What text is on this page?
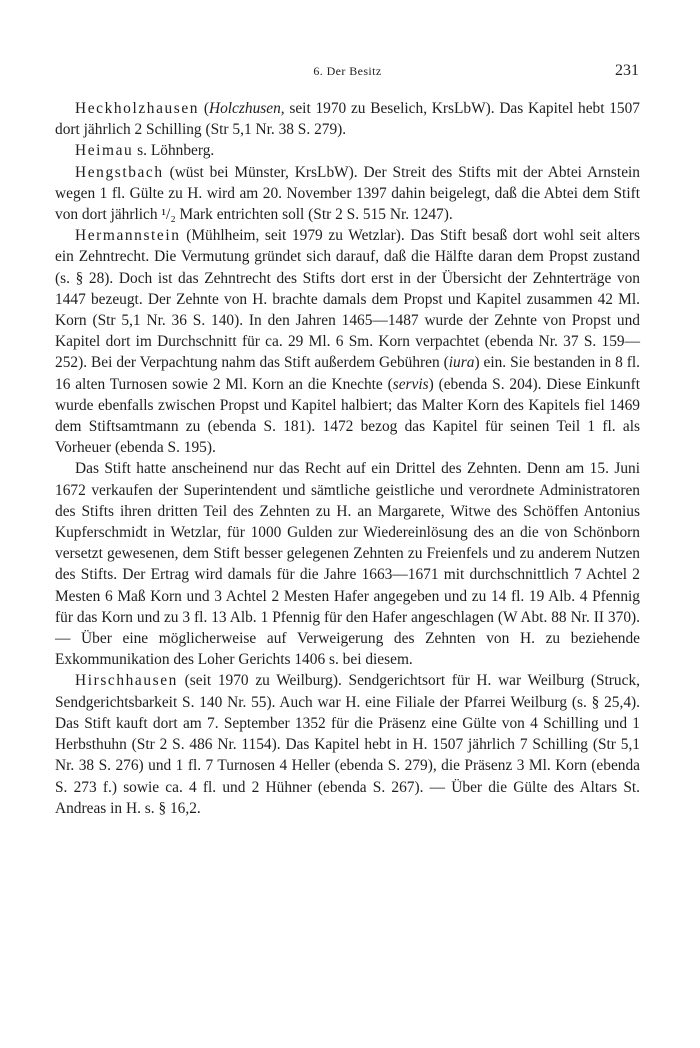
6. Der Besitz	231

Heckholzhausen (Holczhusen, seit 1970 zu Beselich, KrsLbW). Das Kapitel hebt 1507 dort jährlich 2 Schilling (Str 5,1 Nr. 38 S. 279).

Heimau s. Löhnberg.

Hengstbach (wüst bei Münster, KrsLbW). Der Streit des Stifts mit der Abtei Arnstein wegen 1 fl. Gülte zu H. wird am 20. November 1397 dahin beigelegt, daß die Abtei dem Stift von dort jährlich ¹/₂ Mark entrichten soll (Str 2 S. 515 Nr. 1247).

Hermannstein (Mühlheim, seit 1979 zu Wetzlar). Das Stift besaß dort wohl seit alters ein Zehntrecht. Die Vermutung gründet sich darauf, daß die Hälfte daran dem Propst zustand (s. § 28). Doch ist das Zehntrecht des Stifts dort erst in der Übersicht der Zehnterträge von 1447 bezeugt. Der Zehnte von H. brachte damals dem Propst und Kapitel zusammen 42 Ml. Korn (Str 5,1 Nr. 36 S. 140). In den Jahren 1465—1487 wurde der Zehnte von Propst und Kapitel dort im Durchschnitt für ca. 29 Ml. 6 Sm. Korn verpachtet (ebenda Nr. 37 S. 159—252). Bei der Verpachtung nahm das Stift außerdem Gebühren (iura) ein. Sie bestanden in 8 fl. 16 alten Turnosen sowie 2 Ml. Korn an die Knechte (servis) (ebenda S. 204). Diese Einkunft wurde ebenfalls zwischen Propst und Kapitel halbiert; das Malter Korn des Kapitels fiel 1469 dem Stiftsamtmann zu (ebenda S. 181). 1472 bezog das Kapitel für seinen Teil 1 fl. als Vorheuer (ebenda S. 195).

Das Stift hatte anscheinend nur das Recht auf ein Drittel des Zehnten. Denn am 15. Juni 1672 verkaufen der Superintendent und sämtliche geistliche und verordnete Administratoren des Stifts ihren dritten Teil des Zehnten zu H. an Margarete, Witwe des Schöffen Antonius Kupferschmidt in Wetzlar, für 1000 Gulden zur Wiedereinlösung des an die von Schönborn versetzt gewesenen, dem Stift besser gelegenen Zehnten zu Freienfels und zu anderem Nutzen des Stifts. Der Ertrag wird damals für die Jahre 1663—1671 mit durchschnittlich 7 Achtel 2 Mesten 6 Maß Korn und 3 Achtel 2 Mesten Hafer angegeben und zu 14 fl. 19 Alb. 4 Pfennig für das Korn und zu 3 fl. 13 Alb. 1 Pfennig für den Hafer angeschlagen (W Abt. 88 Nr. II 370). — Über eine möglicherweise auf Verweigerung des Zehnten von H. zu beziehende Exkommunikation des Loher Gerichts 1406 s. bei diesem.

Hirschhausen (seit 1970 zu Weilburg). Sendgerichtsort für H. war Weilburg (Struck, Sendgerichtsbarkeit S. 140 Nr. 55). Auch war H. eine Filiale der Pfarrei Weilburg (s. § 25,4). Das Stift kauft dort am 7. September 1352 für die Präsenz eine Gülte von 4 Schilling und 1 Herbsthuhn (Str 2 S. 486 Nr. 1154). Das Kapitel hebt in H. 1507 jährlich 7 Schilling (Str 5,1 Nr. 38 S. 276) und 1 fl. 7 Turnosen 4 Heller (ebenda S. 279), die Präsenz 3 Ml. Korn (ebenda S. 273 f.) sowie ca. 4 fl. und 2 Hühner (ebenda S. 267). — Über die Gülte des Altars St. Andreas in H. s. § 16,2.
